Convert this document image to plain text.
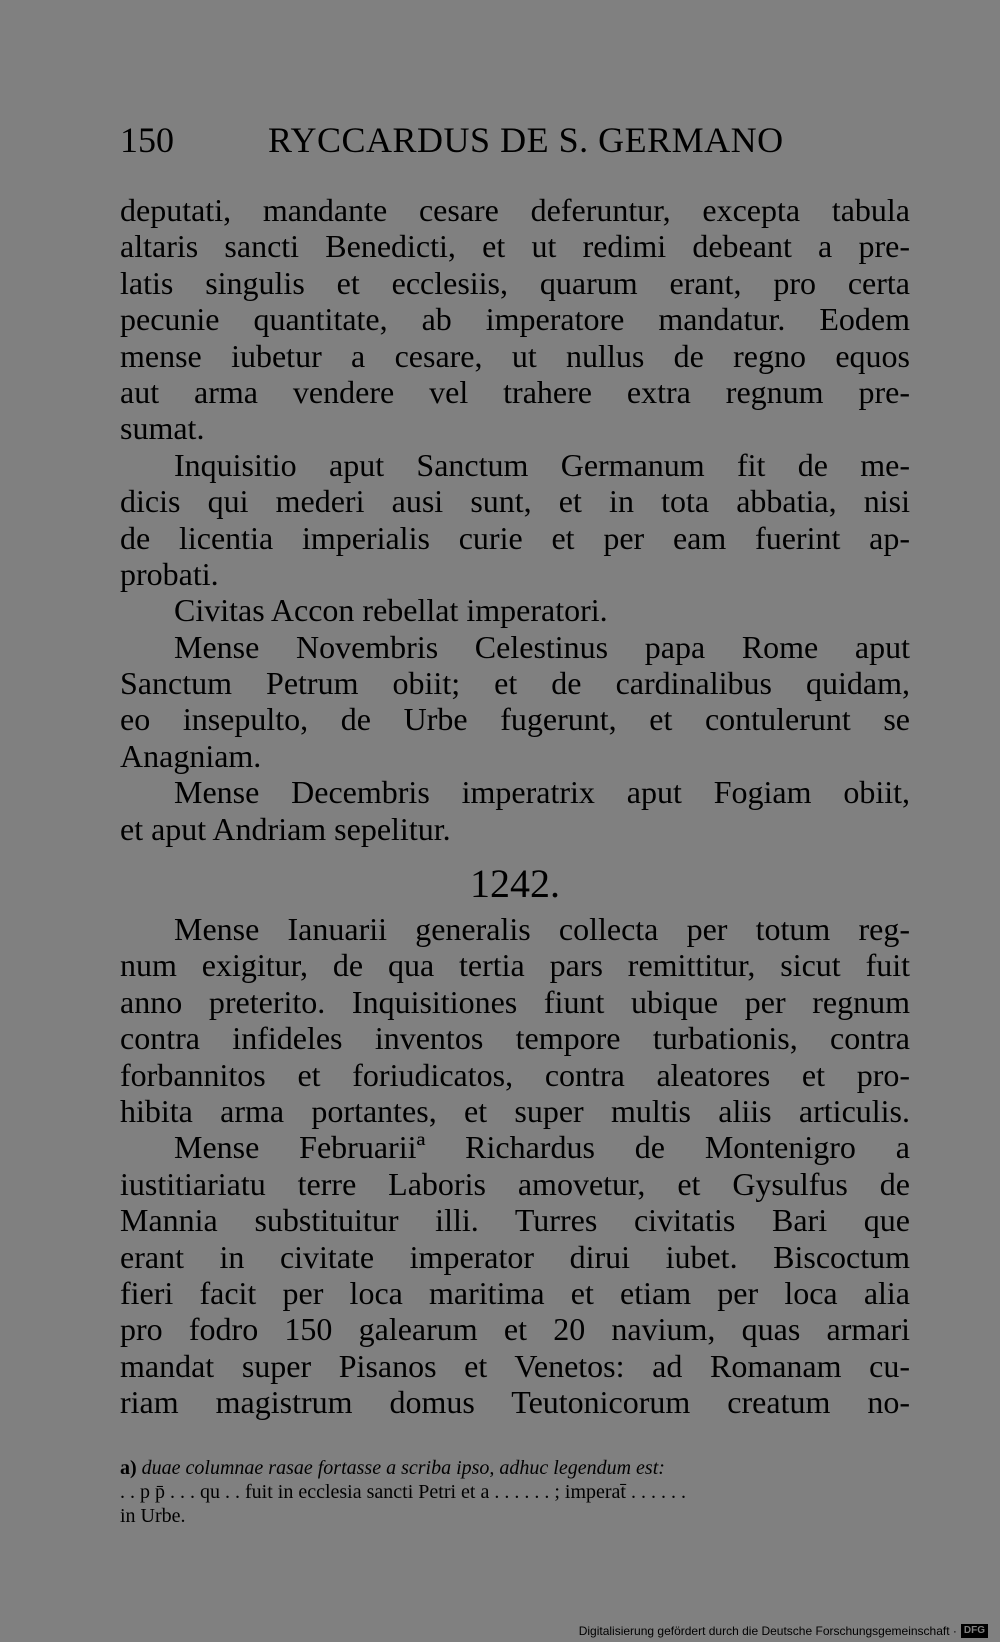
150	RYCCARDUS DE S. GERMANO
deputati, mandante cesare deferuntur, excepta tabula
altaris sancti Benedicti, et ut redimi debeant a pre-
latis singulis et ecclesiis, quarum erant, pro certa
pecunie quantitate, ab imperatore mandatur. Eodem
mense iubetur a cesare, ut nullus de regno equos
aut arma vendere vel trahere extra regnum pre-
sumat.
Inquisitio aput Sanctum Germanum fit de me-
dicis qui mederi ausi sunt, et in tota abbatia, nisi
de licentia imperialis curie et per eam fuerint ap-
probati.
Civitas Accon rebellat imperatori.
Mense Novembris Celestinus papa Rome aput
Sanctum Petrum obiit; et de cardinalibus quidam,
eo insepulto, de Urbe fugerunt, et contulerunt se
Anagniam.
Mense Decembris imperatrix aput Fogiam obiit,
et aput Andriam sepelitur.
1242.
Mense Ianuarii generalis collecta per totum reg-
num exigitur, de qua tertia pars remittitur, sicut fuit
anno preterito. Inquisitiones fiunt ubique per regnum
contra infideles inventos tempore turbationis, contra
forbannitos et foriudicatos, contra aleatores et pro-
hibita arma portantes, et super multis aliis articulis.
Mense Februariiª Richardus de Montenigro a
iustitiariatu terre Laboris amovetur, et Gysulfus de
Mannia substituitur illi. Turres civitatis Bari que
erant in civitate imperator dirui iubet. Biscoctum
fieri facit per loca maritima et etiam per loca alia
pro fodro 150 galearum et 20 navium, quas armari
mandat super Pisanos et Venetos: ad Romanam cu-
riam magistrum domus Teutonicorum creatum no-
a) duae columnae rasae fortasse a scriba ipso, adhuc legendum est:
. . p p̄ . . . qu . . fuit in ecclesia sancti Petri et a . . . . . . ; imperat̄ . . . . . .
in Urbe.
Digitalisierung gefördert durch die Deutsche Forschungsgemeinschaft · DFG
